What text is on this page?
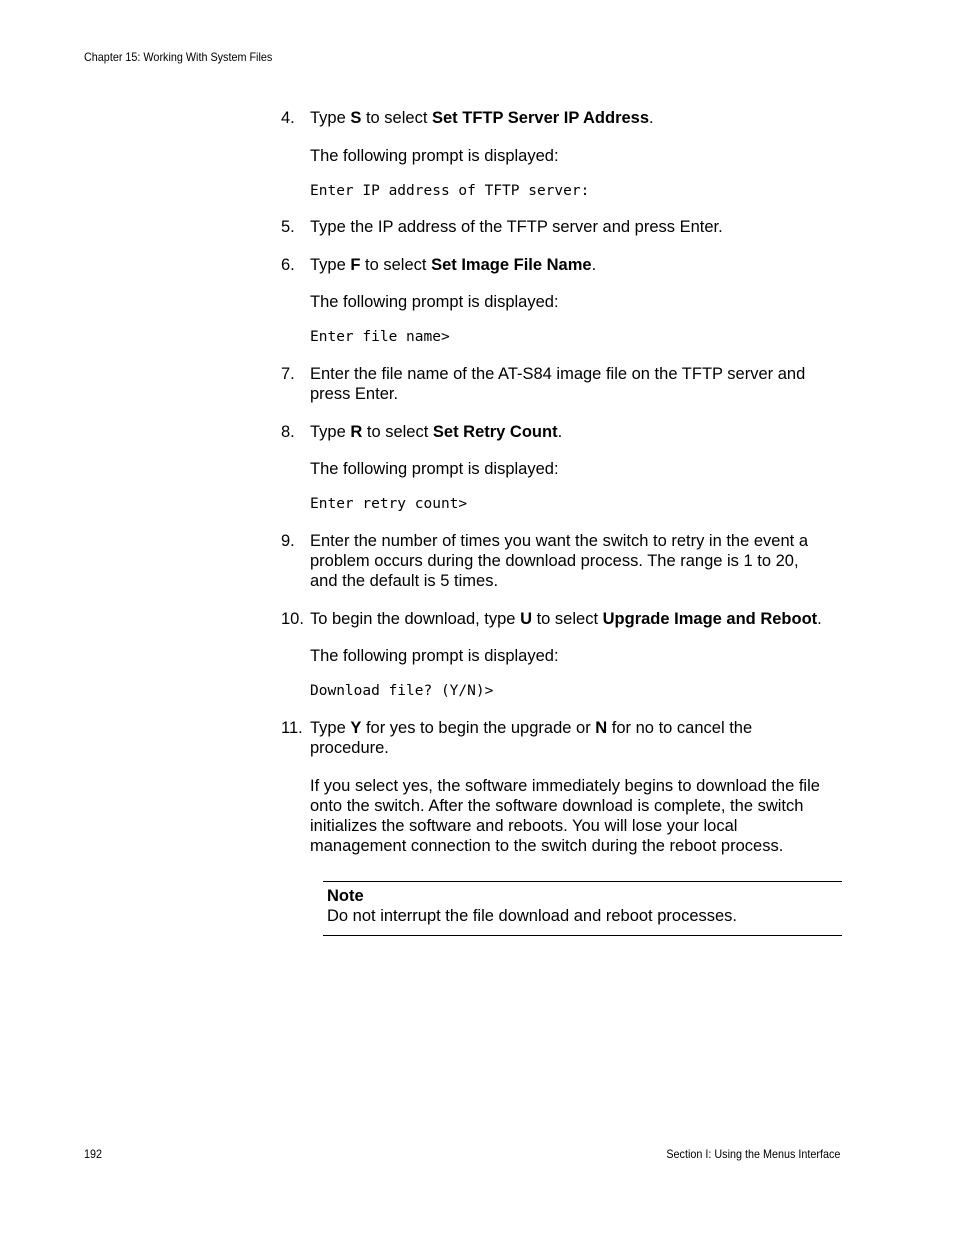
Chapter 15: Working With System Files
4. Type S to select Set TFTP Server IP Address.
The following prompt is displayed:
Enter IP address of TFTP server:
5. Type the IP address of the TFTP server and press Enter.
6. Type F to select Set Image File Name.
The following prompt is displayed:
Enter file name>
7. Enter the file name of the AT-S84 image file on the TFTP server and
press Enter.
8. Type R to select Set Retry Count.
The following prompt is displayed:
Enter retry count>
9. Enter the number of times you want the switch to retry in the event a
problem occurs during the download process. The range is 1 to 20,
and the default is 5 times.
10. To begin the download, type U to select Upgrade Image and Reboot.
The following prompt is displayed:
Download file? (Y/N)>
11. Type Y for yes to begin the upgrade or N for no to cancel the
procedure.
If you select yes, the software immediately begins to download the file
onto the switch. After the software download is complete, the switch
initializes the software and reboots. You will lose your local
management connection to the switch during the reboot process.
Note
Do not interrupt the file download and reboot processes.
192	Section I: Using the Menus Interface
